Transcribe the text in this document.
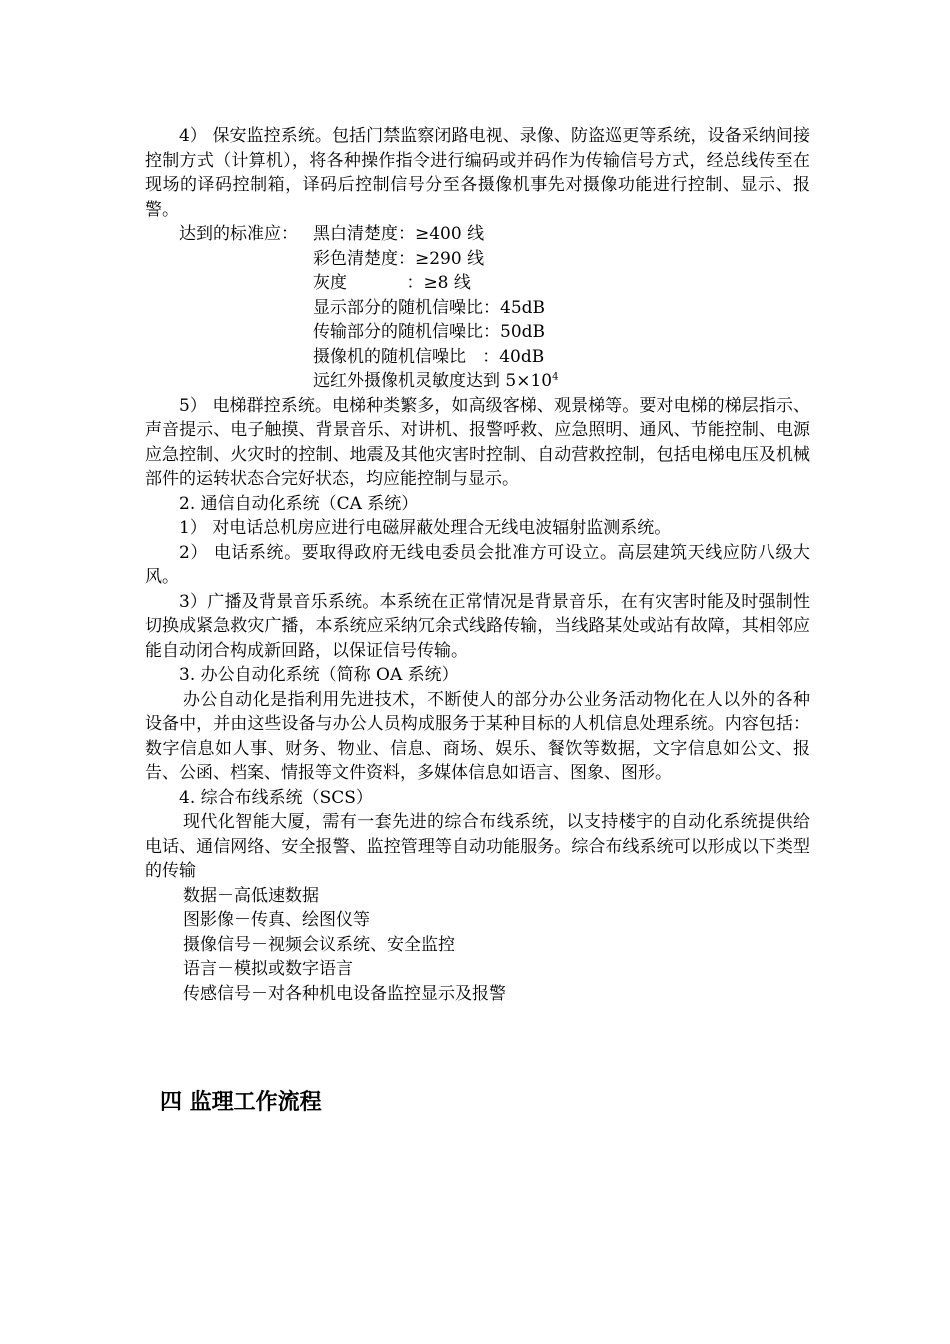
4） 保安监控系统。包括门禁监察闭路电视、录像、防盗巡更等系统，设备采纳间接控制方式（计算机），将各种操作指令进行编码或并码作为传输信号方式，经总线传至在现场的译码控制箱，译码后控制信号分至各摄像机事先对摄像功能进行控制、显示、报警。

达到的标准应： 黑白清楚度：≥400 线
彩色清楚度：≥290 线
灰度           ：≥8 线
显示部分的随机信噪比：45dB
传输部分的随机信噪比：50dB
摄像机的随机信噪比   ：40dB
远红外摄像机灵敏度达到 $5\times 10^4$

5） 电梯群控系统。电梯种类繁多，如高级客梯、观景梯等。要对电梯的梯层指示、声音提示、电子触摸、背景音乐、对讲机、报警呼救、应急照明、通风、节能控制、电源应急控制、火灾时的控制、地震及其他灾害时控制、自动营救控制，包括电梯电压及机械部件的运转状态合完好状态，均应能控制与显示。

2. 通信自动化系统（CA 系统）

1） 对电话总机房应进行电磁屏蔽处理合无线电波辐射监测系统。

2） 电话系统。要取得政府无线电委员会批准方可设立。高层建筑天线应防八级大风。

3）广播及背景音乐系统。本系统在正常情况是背景音乐，在有灾害时能及时强制性切换成紧急救灾广播，本系统应采纳冗余式线路传输，当线路某处或站有故障，其相邻应能自动闭合构成新回路，以保证信号传输。

3. 办公自动化系统（简称 OA 系统）

办公自动化是指利用先进技术，不断使人的部分办公业务活动物化在人以外的各种设备中，并由这些设备与办公人员构成服务于某种目标的人机信息处理系统。内容包括：数字信息如人事、财务、物业、信息、商场、娱乐、餐饮等数据，文字信息如公文、报告、公函、档案、情报等文件资料，多媒体信息如语言、图象、图形。

4. 综合布线系统（SCS）

现代化智能大厦，需有一套先进的综合布线系统，以支持楼宇的自动化系统提供给电话、通信网络、安全报警、监控管理等自动功能服务。综合布线系统可以形成以下类型的传输

数据－高低速数据
图影像－传真、绘图仪等
摄像信号－视频会议系统、安全监控
语言－模拟或数字语言
传感信号－对各种机电设备监控显示及报警
四 监理工作流程
